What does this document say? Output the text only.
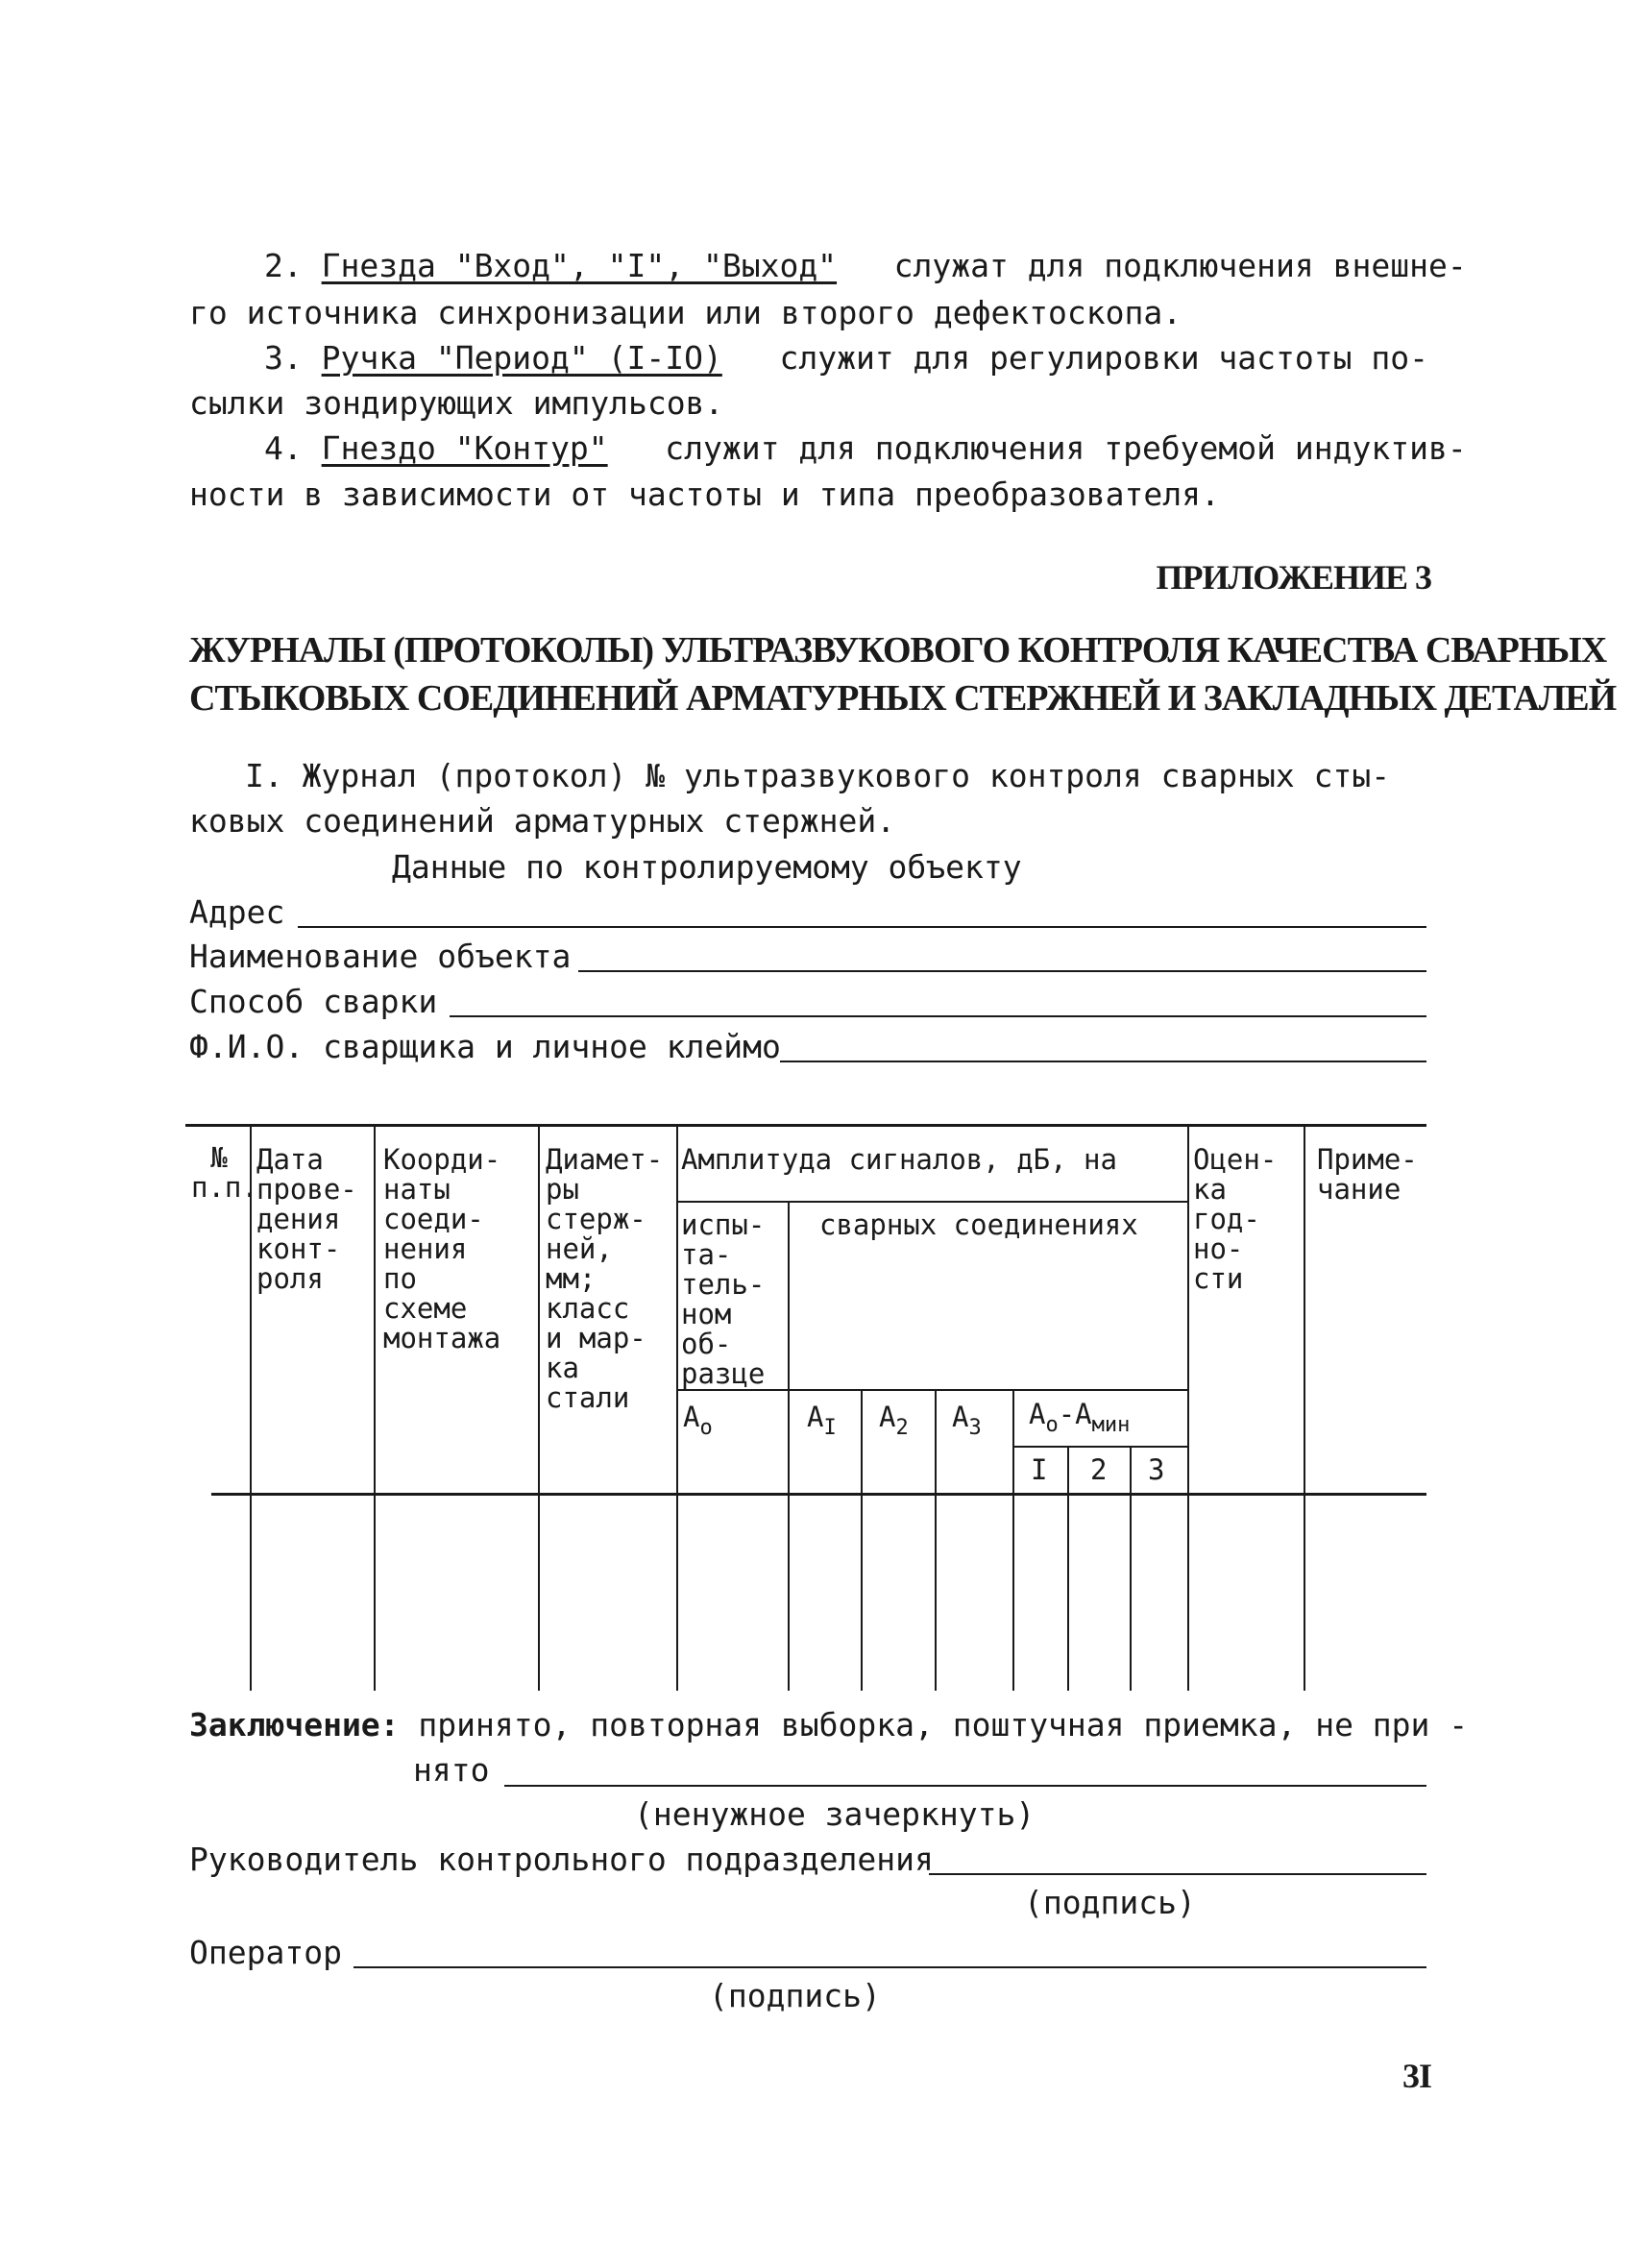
2. Гнезда "Вход", "I", "Выход" служат для подключения внешне-
го источника синхронизации или второго дефектоскопа.
3. Ручка "Период" (I-IO) служит для регулировки частоты по-
сылки зондирующих импульсов.
4. Гнездо "Контур" служит для подключения требуемой индуктив-
ности в зависимости от частоты и типа преобразователя.
ПРИЛОЖЕНИЕ 3
ЖУРНАЛЫ (ПРОТОКОЛЫ) УЛЬТРАЗВУКОВОГО КОНТРОЛЯ КАЧЕСТВА СВАРНЫХ
СТЫКОВЫХ СОЕДИНЕНИЙ АРМАТУРНЫХ СТЕРЖНЕЙ И ЗАКЛАДНЫХ ДЕТАЛЕЙ
I. Журнал (протокол) № ультразвукового контроля сварных сты-
ковых соединений арматурных стержней.
Данные по контролируемому объекту
Адрес
Наименование объекта
Способ сварки
Ф.И.О. сварщика и личное клеймо
№
п.п.
Дата
прове-
дения
конт-
роля
Коорди-
наты
соеди-
нения
по
схеме
монтажа
Диамет-
ры
стерж-
ней,
мм;
класс
и мар-
ка
стали
Амплитуда сигналов, дБ, на
испы-
та-
тель-
ном
об-
разце
сварных соединениях
$A_o$	$A_I$ $A_2$ $A_3$ $A_o-A_{мин}$
I 2 3
Оцен-
ка
год-
но-
сти
Приме-
чание
Заключение: принято, повторная выборка, поштучная приемка, не при -
нято
(ненужное зачеркнуть)
Руководитель контрольного подразделения
(подпись)
Оператор
(подпись)
3I
